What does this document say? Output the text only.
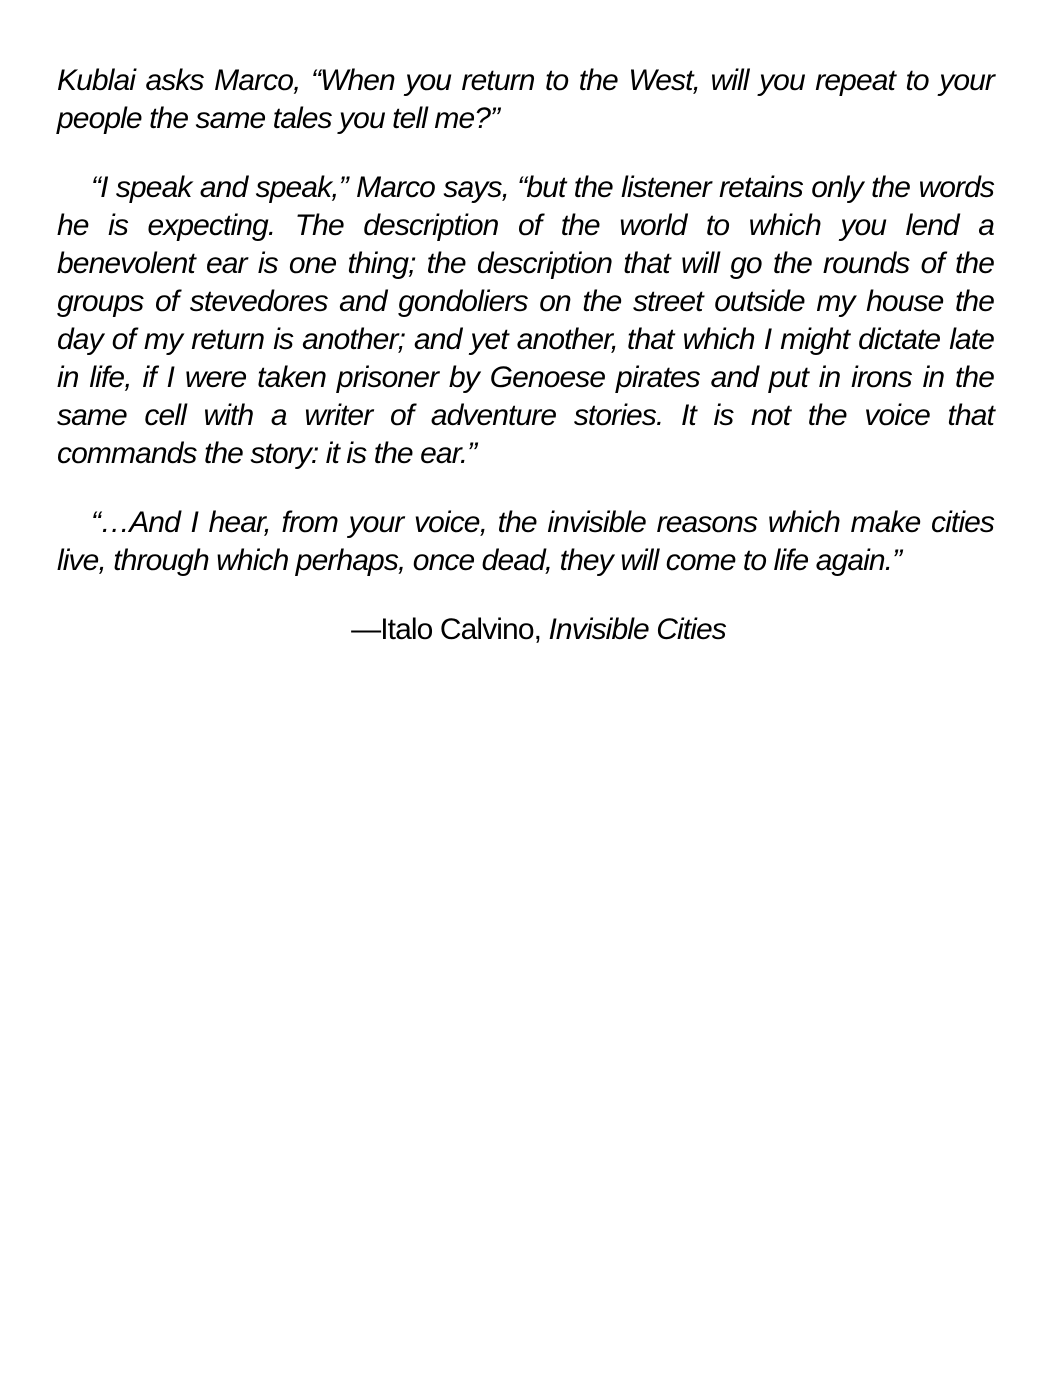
Kublai asks Marco, “When you return to the West, will you repeat to your people the same tales you tell me?”

“I speak and speak,” Marco says, “but the listener retains only the words he is expecting. The description of the world to which you lend a benevolent ear is one thing; the description that will go the rounds of the groups of stevedores and gondoliers on the street outside my house the day of my return is another; and yet another, that which I might dictate late in life, if I were taken prisoner by Genoese pirates and put in irons in the same cell with a writer of adventure stories. It is not the voice that commands the story: it is the ear.”

“…And I hear, from your voice, the invisible reasons which make cities live, through which perhaps, once dead, they will come to life again.”

—Italo Calvino, Invisible Cities
